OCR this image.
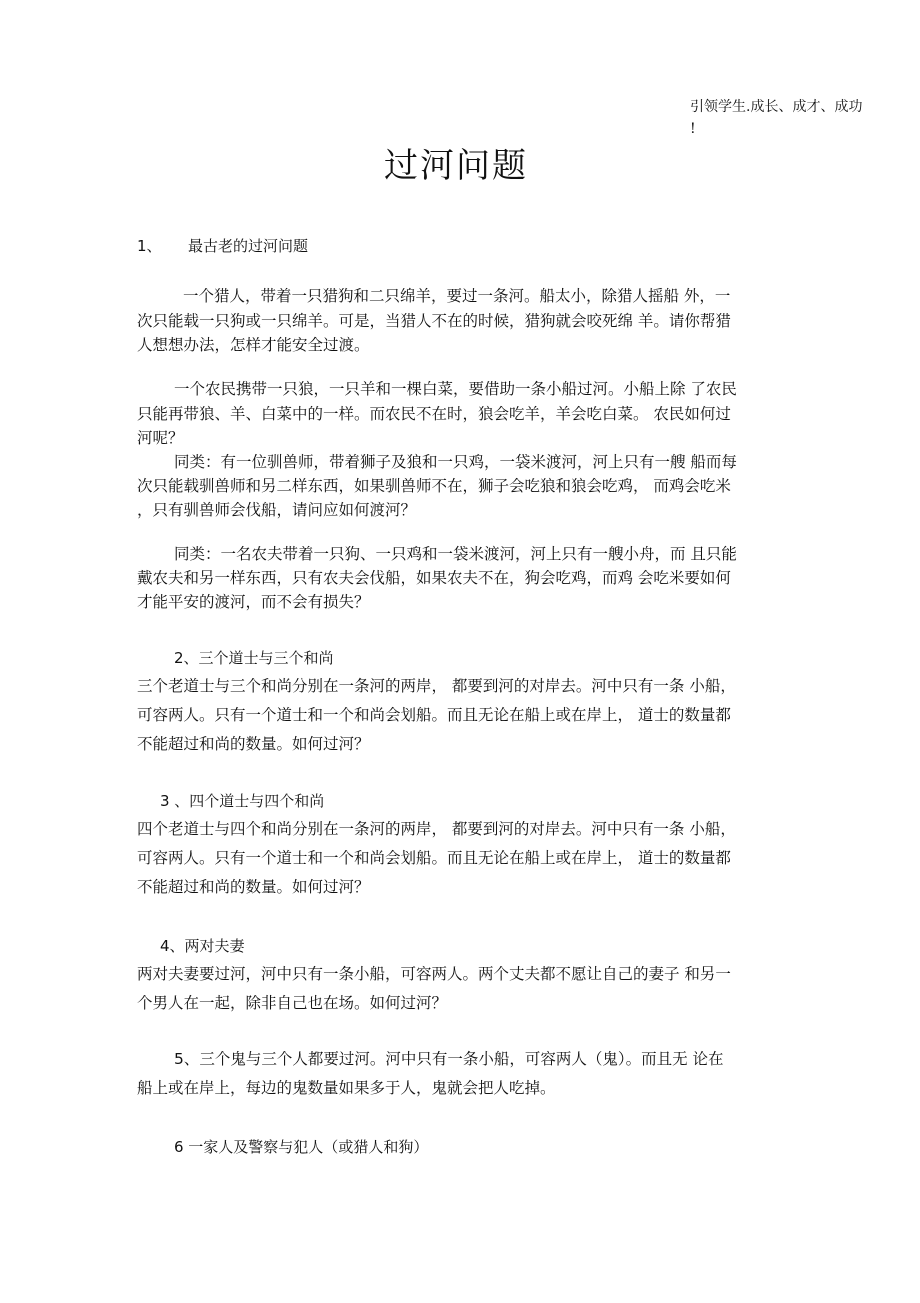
引领学生.成长、成才、成功

!

过河问题

1、 最古老的过河问题

一个猎人，带着一只猎狗和二只绵羊，要过一条河。船太小，除猎人摇船 外，一

次只能载一只狗或一只绵羊。可是，当猎人不在的时候，猎狗就会咬死绵 羊。请你帮猎

人想想办法，怎样才能安全过渡。

一个农民携带一只狼，一只羊和一棵白菜，要借助一条小船过河。小船上除 了农民

只能再带狼、羊、白菜中的一样。而农民不在时，狼会吃羊，羊会吃白菜。 农民如何过

河呢？

同类：有一位驯兽师，带着狮子及狼和一只鸡，一袋米渡河，河上只有一艘 船而每

次只能载驯兽师和另二样东西，如果驯兽师不在，狮子会吃狼和狼会吃鸡， 而鸡会吃米

，只有驯兽师会伐船，请问应如何渡河？

同类：一名农夫带着一只狗、一只鸡和一袋米渡河，河上只有一艘小舟，而 且只能

戴农夫和另一样东西，只有农夫会伐船，如果农夫不在，狗会吃鸡，而鸡 会吃米要如何

才能平安的渡河，而不会有损失？

2、三个道士与三个和尚

三个老道士与三个和尚分别在一条河的两岸， 都要到河的对岸去。河中只有一条 小船，

可容两人。只有一个道士和一个和尚会划船。而且无论在船上或在岸上， 道士的数量都

不能超过和尚的数量。如何过河？

3 、四个道士与四个和尚

四个老道士与四个和尚分别在一条河的两岸， 都要到河的对岸去。河中只有一条 小船，

可容两人。只有一个道士和一个和尚会划船。而且无论在船上或在岸上， 道士的数量都

不能超过和尚的数量。如何过河？

4、两对夫妻

两对夫妻要过河，河中只有一条小船，可容两人。两个丈夫都不愿让自己的妻子 和另一

个男人在一起，除非自己也在场。如何过河？

5、三个鬼与三个人都要过河。河中只有一条小船，可容两人（鬼）。而且无 论在

船上或在岸上，每边的鬼数量如果多于人，鬼就会把人吃掉。

6 一家人及警察与犯人（或猎人和狗）
